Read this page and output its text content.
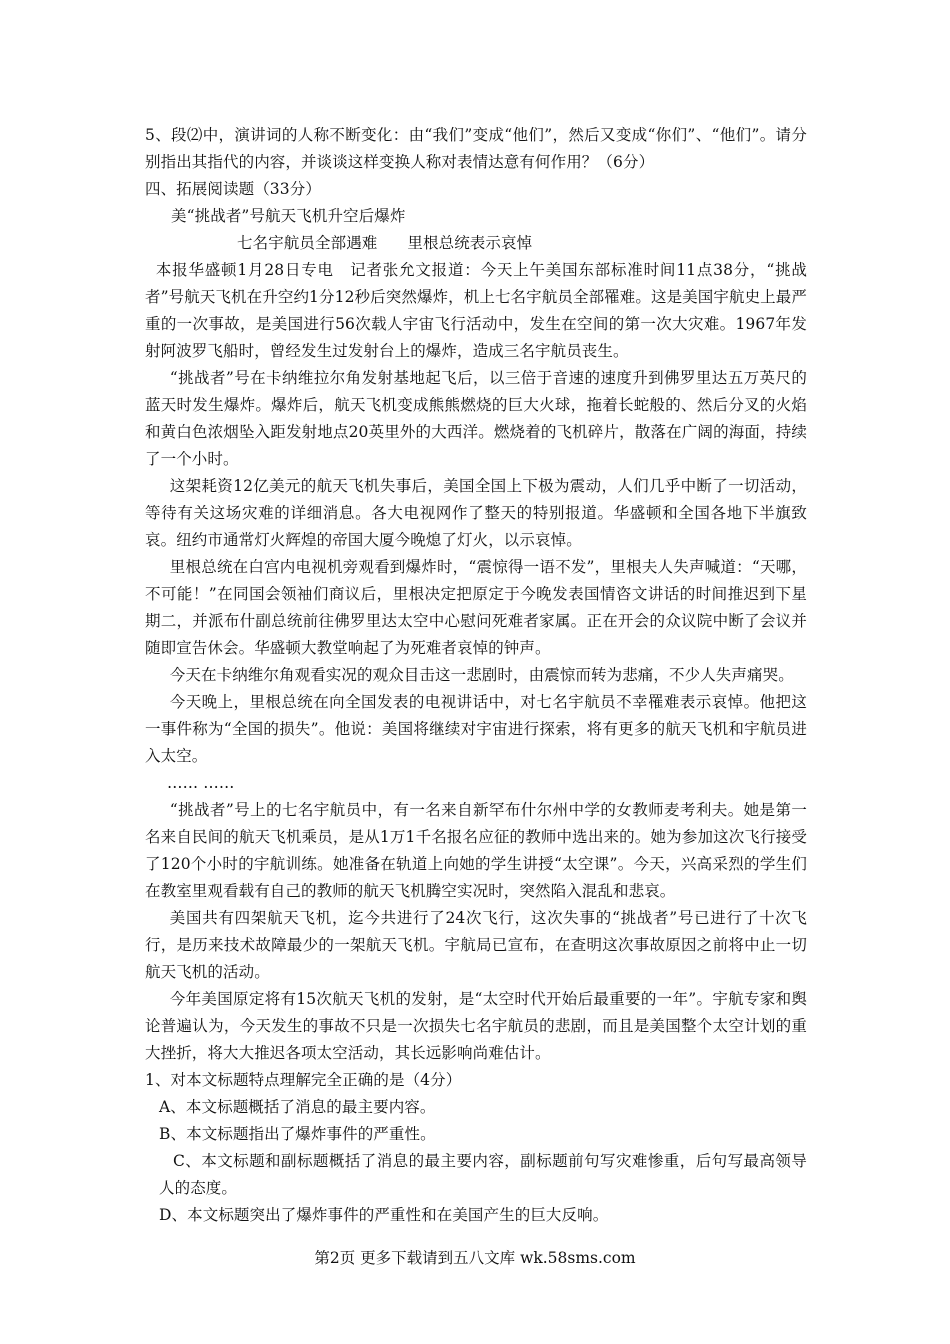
5、段⑵中，演讲词的人称不断变化：由“我们”变成“他们”，然后又变成“你们”、“他们”。请分别指出其指代的内容，并谈谈这样变换人称对表情达意有何作用？（6分）

四、拓展阅读题（33分）

美“挑战者”号航天飞机升空后爆炸

七名宇航员全部遇难 里根总统表示哀悼

本报华盛顿1月28日专电　记者张允文报道：今天上午美国东部标准时间11点38分，“挑战者”号航天飞机在升空约1分12秒后突然爆炸，机上七名宇航员全部罹难。这是美国宇航史上最严重的一次事故，是美国进行56次载人宇宙飞行活动中，发生在空间的第一次大灾难。1967年发射阿波罗飞船时，曾经发生过发射台上的爆炸，造成三名宇航员丧生。

“挑战者”号在卡纳维拉尔角发射基地起飞后，以三倍于音速的速度升到佛罗里达五万英尺的蓝天时发生爆炸。爆炸后，航天飞机变成熊熊燃烧的巨大火球，拖着长蛇般的、然后分叉的火焰和黄白色浓烟坠入距发射地点20英里外的大西洋。燃烧着的飞机碎片，散落在广阔的海面，持续了一个小时。

这架耗资12亿美元的航天飞机失事后，美国全国上下极为震动，人们几乎中断了一切活动，等待有关这场灾难的详细消息。各大电视网作了整天的特别报道。华盛顿和全国各地下半旗致哀。纽约市通常灯火辉煌的帝国大厦今晚熄了灯火，以示哀悼。

里根总统在白宫内电视机旁观看到爆炸时，“震惊得一语不发”，里根夫人失声喊道：“天哪，不可能！”在同国会领袖们商议后，里根决定把原定于今晚发表国情咨文讲话的时间推迟到下星期二，并派布什副总统前往佛罗里达太空中心慰问死难者家属。正在开会的众议院中断了会议并随即宣告休会。华盛顿大教堂响起了为死难者哀悼的钟声。

今天在卡纳维尔角观看实况的观众目击这一悲剧时，由震惊而转为悲痛，不少人失声痛哭。

今天晚上，里根总统在向全国发表的电视讲话中，对七名宇航员不幸罹难表示哀悼。他把这一事件称为“全国的损失”。他说：美国将继续对宇宙进行探索，将有更多的航天飞机和宇航员进入太空。

…… ……

“挑战者”号上的七名宇航员中，有一名来自新罕布什尔州中学的女教师麦考利夫。她是第一名来自民间的航天飞机乘员，是从1万1千名报名应征的教师中选出来的。她为参加这次飞行接受了120个小时的宇航训练。她准备在轨道上向她的学生讲授“太空课”。今天，兴高采烈的学生们在教室里观看载有自己的教师的航天飞机腾空实况时，突然陷入混乱和悲哀。

美国共有四架航天飞机，迄今共进行了24次飞行，这次失事的“挑战者”号已进行了十次飞行，是历来技术故障最少的一架航天飞机。宇航局已宣布，在查明这次事故原因之前将中止一切航天飞机的活动。

今年美国原定将有15次航天飞机的发射，是“太空时代开始后最重要的一年”。宇航专家和舆论普遍认为，今天发生的事故不只是一次损失七名宇航员的悲剧，而且是美国整个太空计划的重大挫折，将大大推迟各项太空活动，其长远影响尚难估计。

1、对本文标题特点理解完全正确的是（4分）

A、本文标题概括了消息的最主要内容。

B、本文标题指出了爆炸事件的严重性。

C、本文标题和副标题概括了消息的最主要内容，副标题前句写灾难惨重，后句写最高领导人的态度。

D、本文标题突出了爆炸事件的严重性和在美国产生的巨大反响。

第2页 更多下载请到五八文库 wk.58sms.com
